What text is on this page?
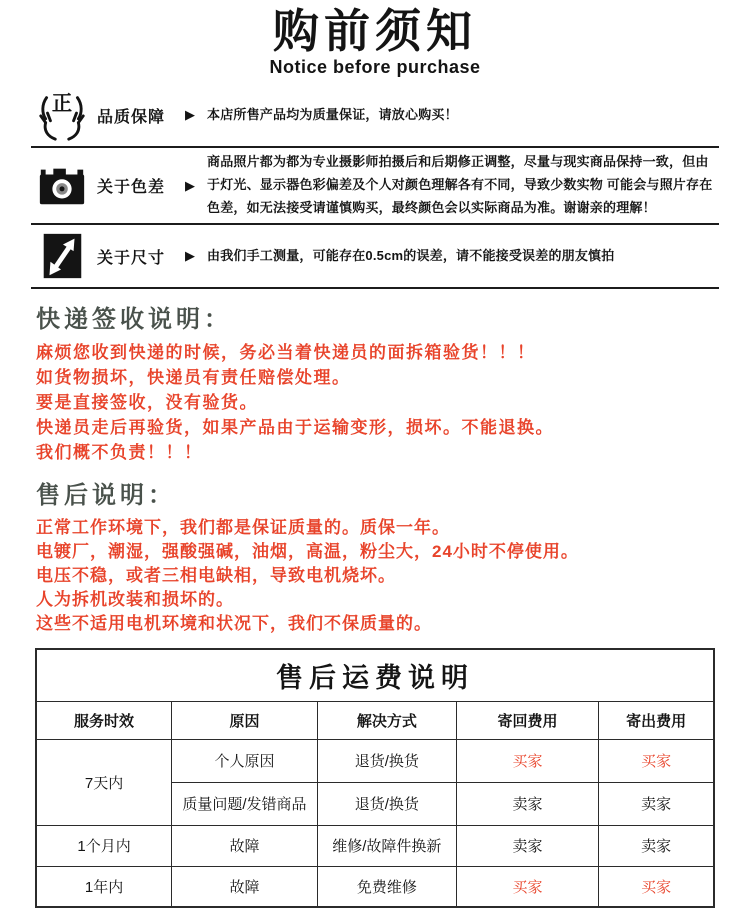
购前须知
Notice before purchase
正
品质保障	▶ 本店所售产品均为质量保证，请放心购买！
关于色差	▶
商品照片都为都为专业摄影师拍摄后和后期修正调整，尽量与现实商品保持一致，但由于灯光、显示器色彩偏差及个人对颜色理解各有不同，导致少数实物 可能会与照片存在色差，如无法接受请谨慎购买，最终颜色会以实际商品为准。谢谢亲的理解！
关于尺寸	▶ 由我们手工测量，可能存在0.5cm的误差，请不能接受误差的朋友慎拍
快递签收说明：
麻烦您收到快递的时候，务必当着快递员的面拆箱验货！！！
如货物损坏，快递员有责任赔偿处理。
要是直接签收，没有验货。
快递员走后再验货，如果产品由于运输变形，损坏。不能退换。
我们概不负责！！！
售后说明：
正常工作环境下，我们都是保证质量的。质保一年。
电镀厂，潮湿，强酸强碱，油烟，高温，粉尘大，24小时不停使用。
电压不稳，或者三相电缺相，导致电机烧坏。
人为拆机改装和损坏的。
这些不适用电机环境和状况下，我们不保质量的。
售后运费说明				
服务时效	原因	解决方式	寄回费用	寄出费用
7天内	个人原因	退货/换货	买家	买家
	质量问题/发错商品	退货/换货	卖家	卖家
1个月内	故障	维修/故障件换新	卖家	卖家
1年内	故障	免费维修	买家	买家
